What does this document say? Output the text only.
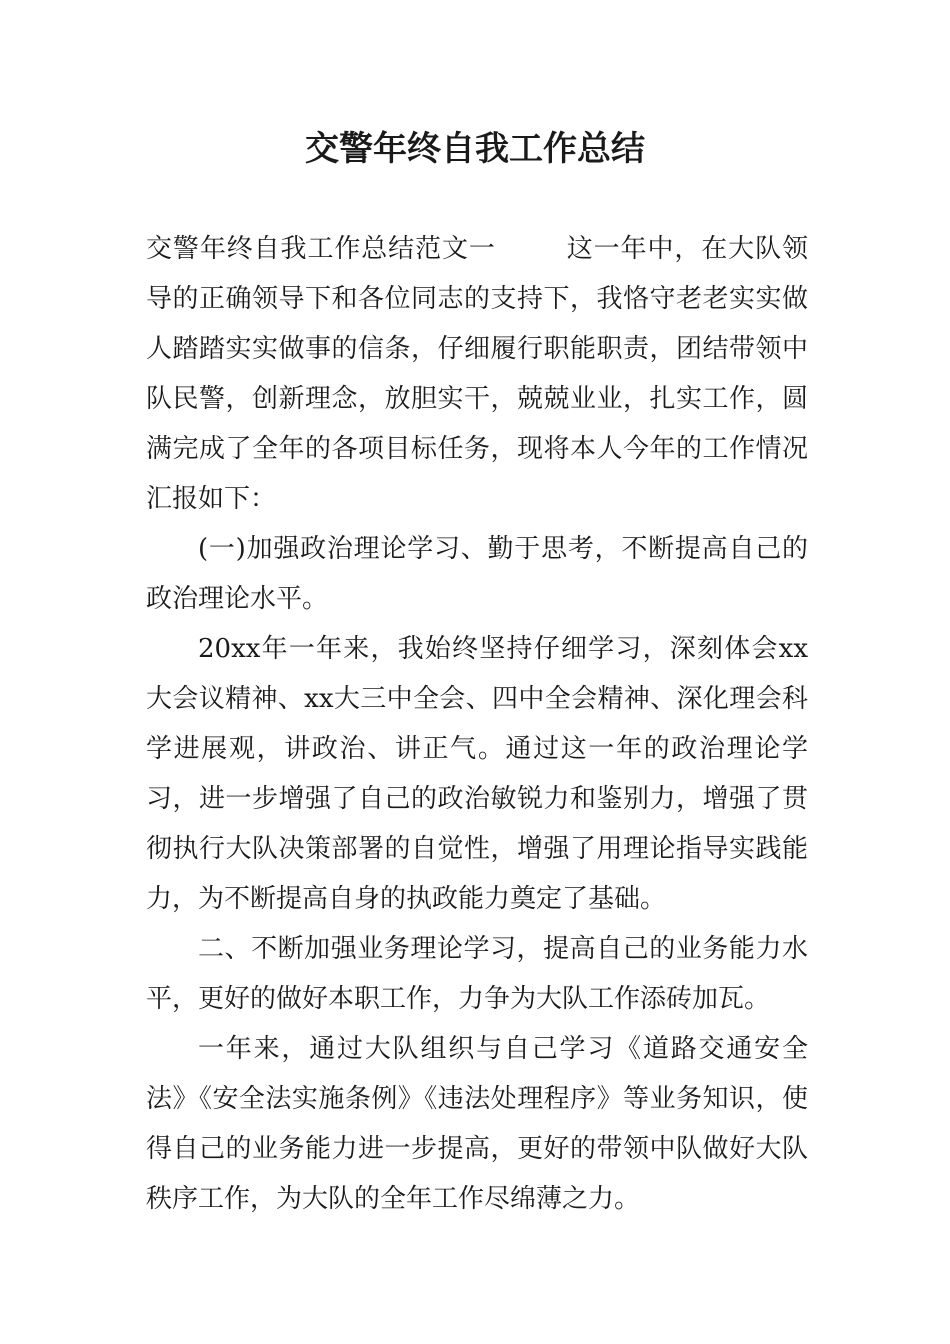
交警年终自我工作总结

交警年终自我工作总结范文一	这一年中，在大队领导的正确领导下和各位同志的支持下，我恪守老老实实做人踏踏实实做事的信条，仔细履行职能职责，团结带领中队民警，创新理念，放胆实干，兢兢业业，扎实工作，圆满完成了全年的各项目标任务，现将本人今年的工作情况汇报如下：

(一)加强政治理论学习、勤于思考，不断提高自己的政治理论水平。

20xx年一年来，我始终坚持仔细学习，深刻体会xx大会议精神、xx大三中全会、四中全会精神、深化理会科学进展观，讲政治、讲正气。通过这一年的政治理论学习，进一步增强了自己的政治敏锐力和鉴别力，增强了贯彻执行大队决策部署的自觉性，增强了用理论指导实践能力，为不断提高自身的执政能力奠定了基础。

二、不断加强业务理论学习，提高自己的业务能力水平，更好的做好本职工作，力争为大队工作添砖加瓦。

一年来，通过大队组织与自己学习《道路交通安全法》《安全法实施条例》《违法处理程序》等业务知识，使得自己的业务能力进一步提高，更好的带领中队做好大队秩序工作，为大队的全年工作尽绵薄之力。
